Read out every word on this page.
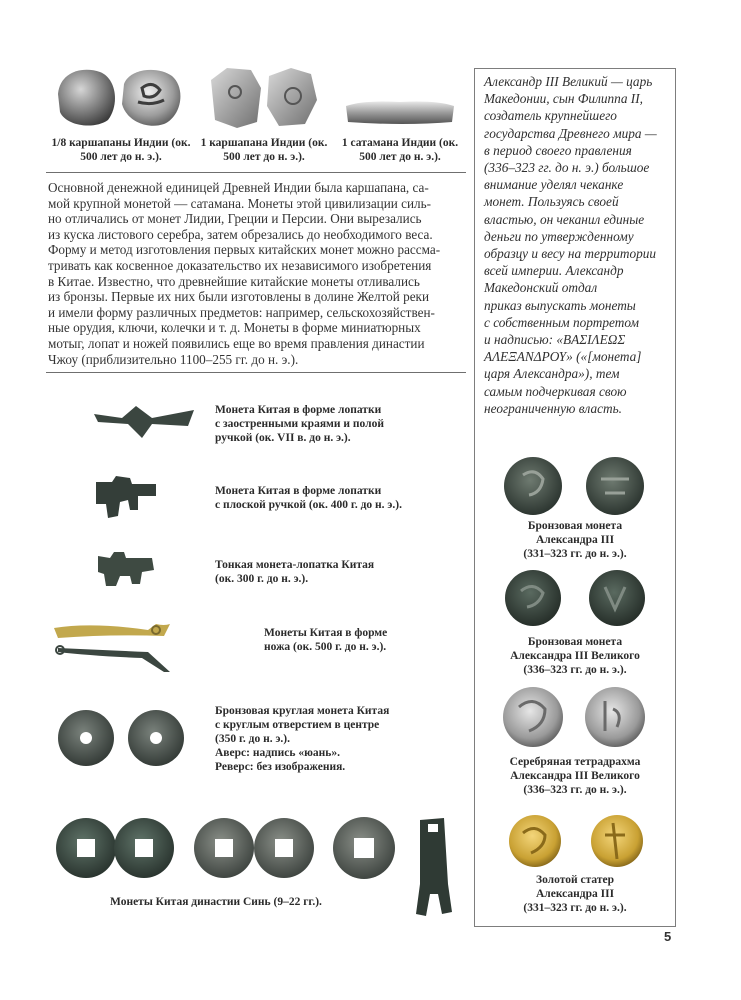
1/8 каршапаны Индии (ок. 500 лет до н. э.).
1 каршапана Индии (ок. 500 лет до н. э.).
1 сатамана Индии (ок. 500 лет до н. э.).
Основной денежной единицей Древней Индии была каршапана, са-
мой крупной монетой — сатамана. Монеты этой цивилизации силь-
но отличались от монет Лидии, Греции и Персии. Они вырезались
из куска листового серебра, затем обрезались до необходимого веса.
Форму и метод изготовления первых китайских монет можно рассма-
тривать как косвенное доказательство их независимого изобретения
в Китае. Известно, что древнейшие китайские монеты отливались
из бронзы. Первые их них были изготовлены в долине Желтой реки
и имели форму различных предметов: например, сельскохозяйствен-
ные орудия, ключи, колечки и т. д. Монеты в форме миниатюрных
мотыг, лопат и ножей появились еще во время правления династии
Чжоу (приблизительно 1100–255 гг. до н. э.).
Монета Китая в форме лопатки
с заостренными краями и полой
ручкой (ок. VII в. до н. э.).
Монета Китая в форме лопатки
с плоской ручкой (ок. 400 г. до н. э.).
Тонкая монета-лопатка Китая
(ок. 300 г. до н. э.).
Монеты Китая в форме
ножа (ок. 500 г. до н. э.).
Бронзовая круглая монета Китая
с круглым отверстием в центре
(350 г. до н. э.).
Аверс: надпись «юань».
Реверс: без изображения.
Монеты Китая династии Синь (9–22 гг.).
Александр III Великий — царь
Македонии, сын Филиппа II,
создатель крупнейшего
государства Древнего мира —
в период своего правления
(336–323 гг. до н. э.) большое
внимание уделял чеканке
монет. Пользуясь своей
властью, он чеканил единые
деньги по утвержденному
образцу и весу на территории
всей империи. Александр
Македонский отдал
приказ выпускать монеты
с собственным портретом
и надписью: «ΒΑΣΙΛΕΩΣ
ΑΛΕΞΑΝΔΡΟΥ» («[монета]
царя Александра»), тем
самым подчеркивая свою
неограниченную власть.
Бронзовая монета
Александра III
(331–323 гг. до н. э.).
Бронзовая монета
Александра III Великого
(336–323 гг. до н. э.).
Серебряная тетрадрахма
Александра III Великого
(336–323 гг. до н. э.).
Золотой статер
Александра III
(331–323 гг. до н. э.).
5
